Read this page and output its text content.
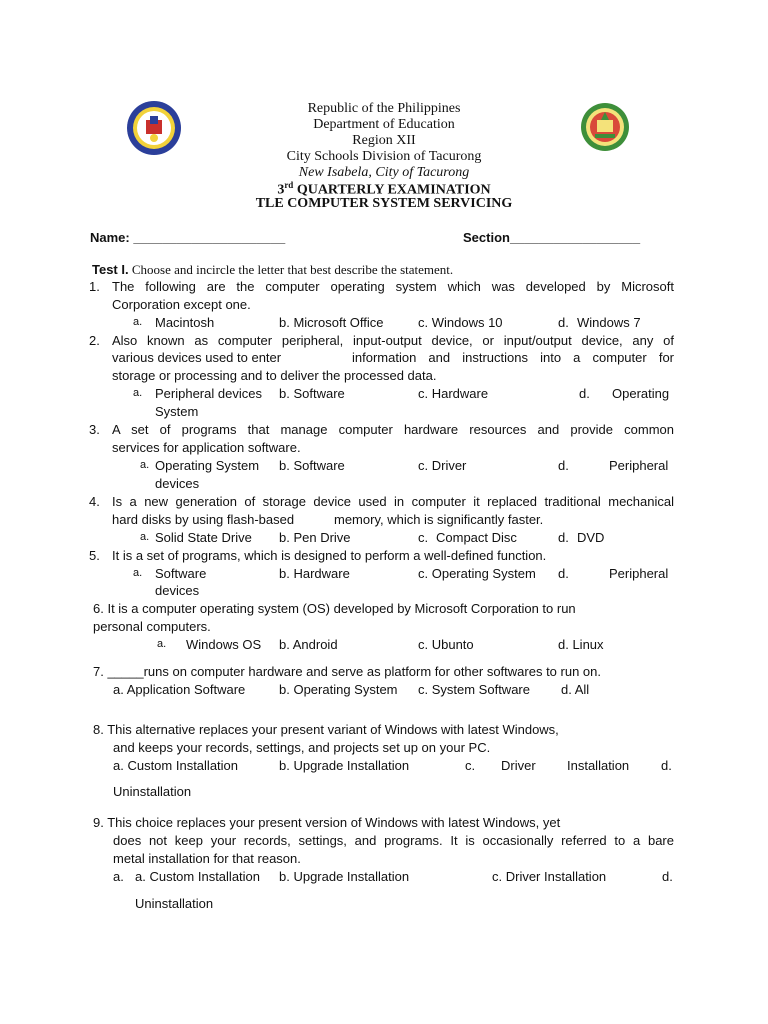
Republic of the Philippines
Department of Education
Region XII
City Schools Division of Tacurong
New Isabela, City of Tacurong
3rd QUARTERLY EXAMINATION
TLE COMPUTER SYSTEM SERVICING
Name: _____________________	Section__________________
Test I. Choose and incircle the letter that best describe the statement.
1. The following are the computer operating system which was developed by Microsoft
Corporation except one.
a. Macintosh	b. Microsoft Office	c. Windows 10	d. Windows 7
2. Also known as computer peripheral, input-output device, or input/output device, any of
various devices used to enter	information and instructions into a computer for
storage or processing and to deliver the processed data.
a. Peripheral devices b. Software	c. Hardware	d. Operating
System
3. A set of programs that manage computer hardware resources and provide common
services for application software.
a. Operating System b. Software	c. Driver	d.	Peripheral
devices
4. Is a new generation of storage device used in computer it replaced traditional mechanical
hard disks by using flash-based	memory, which is significantly faster.
a. Solid State Drive b. Pen Drive	c. Compact Disc	d. DVD
5. It is a set of programs, which is designed to perform a well-defined function.
a. Software	b. Hardware	c. Operating System d.	Peripheral
devices
6. It is a computer operating system (OS) developed by Microsoft Corporation to run
personal computers.
a. Windows OS b. Android	c. Ubunto	d. Linux
7. _____runs on computer hardware and serve as platform for other softwares to run on.
a. Application Software	b. Operating System c. System Software d. All
8. This alternative replaces your present variant of Windows with latest Windows,
and keeps your records, settings, and projects set up on your PC.
a. Custom Installation	b. Upgrade Installation	c. Driver Installation d.
Uninstallation
9. This choice replaces your present version of Windows with latest Windows, yet
does not keep your records, settings, and programs. It is occasionally referred to a bare
metal installation for that reason.
a. a. Custom Installation b. Upgrade Installation	c. Driver Installation	d.
Uninstallation
